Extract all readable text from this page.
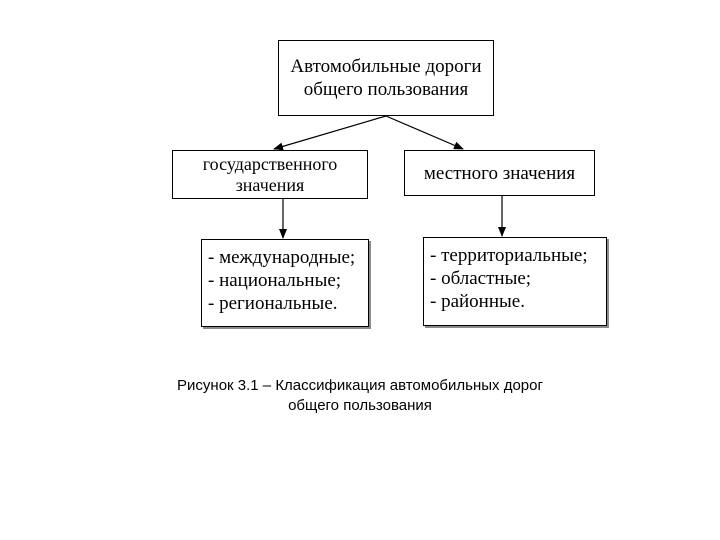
Автомобильные дороги
общего пользования
государственного
значения
местного значения
- международные;
- национальные;
- региональные.
- территориальные;
- областные;
- районные.
Рисунок 3.1 – Классификация автомобильных дорог
общего пользования
